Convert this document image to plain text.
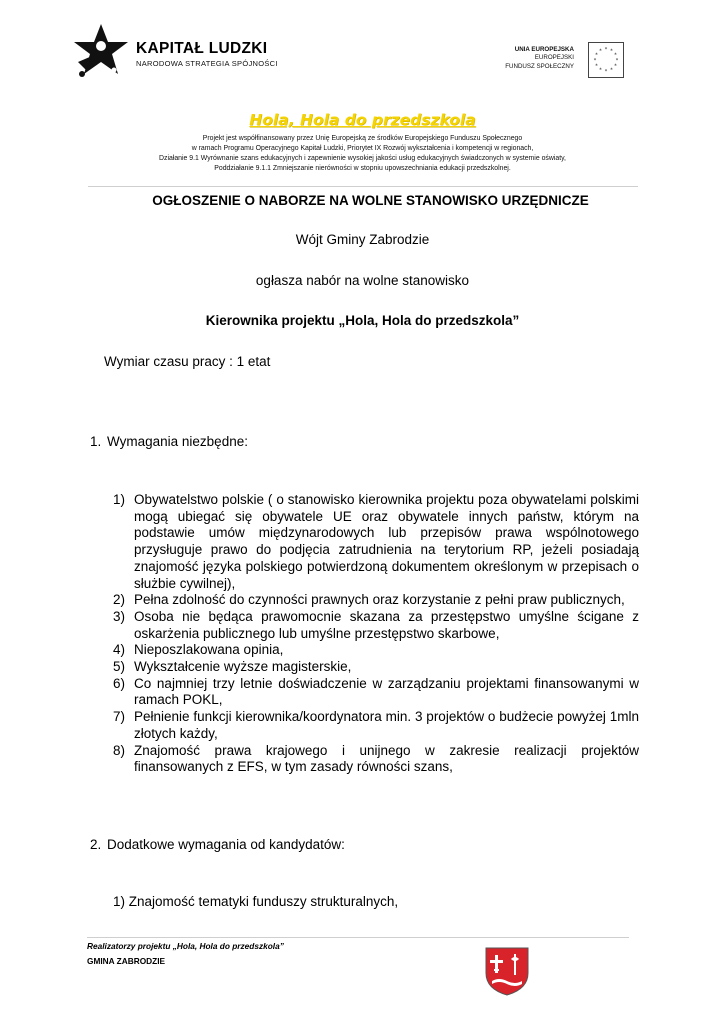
KAPITAŁ LUDZKI
NARODOWA STRATEGIA SPÓJNOŚCI
UNIA EUROPEJSKA
EUROPEJSKI
FUNDUSZ SPOŁECZNY
* *
*
*
*
*
*
*
*
*
*
*
Hola, Hola do przedszkola
Projekt jest współfinansowany przez Unię Europejską ze środków Europejskiego Funduszu Społecznego
w ramach Programu Operacyjnego Kapitał Ludzki, Priorytet IX Rozwój wykształcenia i kompetencji w regionach,
Działanie 9.1 Wyrównanie szans edukacyjnych i zapewnienie wysokiej jakości usług edukacyjnych świadczonych w systemie oświaty,
Poddziałanie 9.1.1 Zmniejszanie nierówności w stopniu upowszechniania edukacji przedszkolnej.
OGŁOSZENIE O NABORZE NA WOLNE STANOWISKO URZĘDNICZE
Wójt Gminy Zabrodzie
ogłasza nabór na wolne stanowisko
Kierownika projektu „Hola, Hola do przedszkola”
Wymiar czasu pracy : 1 etat
1. Wymagania niezbędne:
1) Obywatelstwo polskie ( o stanowisko kierownika projektu poza obywatelami polskimi mogą ubiegać się obywatele UE oraz obywatele innych państw, którym na podstawie umów międzynarodowych lub przepisów prawa wspólnotowego przysługuje prawo do podjęcia zatrudnienia na terytorium RP, jeżeli posiadają znajomość języka polskiego potwierdzoną dokumentem określonym w przepisach o służbie cywilnej),
2) Pełna zdolność do czynności prawnych oraz korzystanie z pełni praw publicznych,
3) Osoba nie będąca prawomocnie skazana za przestępstwo umyślne ścigane z oskarżenia publicznego lub umyślne przestępstwo skarbowe,
4) Nieposzlakowana opinia,
5) Wykształcenie wyższe magisterskie,
6) Co najmniej trzy letnie doświadczenie w zarządzaniu projektami finansowanymi w ramach POKL,
7) Pełnienie funkcji kierownika/koordynatora min. 3 projektów o budżecie powyżej 1mln złotych każdy,
8) Znajomość prawa krajowego i unijnego w zakresie realizacji projektów finansowanych z EFS, w tym zasady równości szans,
2. Dodatkowe wymagania od kandydatów:
1) Znajomość tematyki funduszy strukturalnych,
Realizatorzy projektu „Hola, Hola do przedszkola”
GMINA ZABRODZIE
